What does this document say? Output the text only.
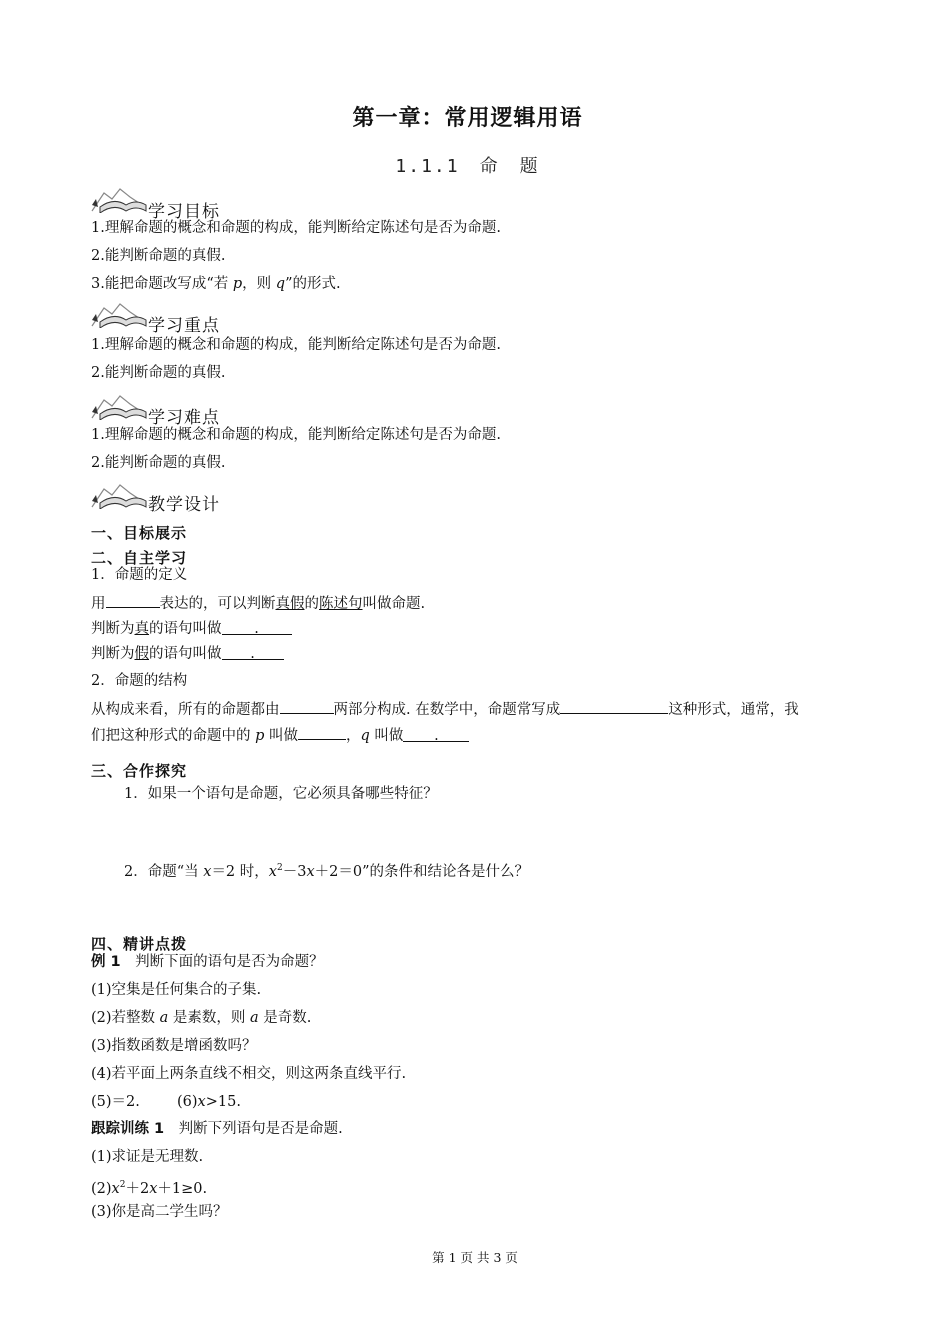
第一章：常用逻辑用语
1.1.1　命　题
学习目标
1.理解命题的概念和命题的构成，能判断给定陈述句是否为命题.
2.能判断命题的真假.
3.能把命题改写成“若 p，则 q”的形式.
学习重点
1.理解命题的概念和命题的构成，能判断给定陈述句是否为命题.
2.能判断命题的真假.
学习难点
1.理解命题的概念和命题的构成，能判断给定陈述句是否为命题.
2.能判断命题的真假.
教学设计
一、目标展示
二、自主学习
1．命题的定义
用	表达的，可以判断真假的陈述句叫做命题.
判断为真的语句叫做 .
判断为假的语句叫做 .
2．命题的结构
从构成来看，所有的命题都由	两部分构成. 在数学中，命题常写成	这种形式，通常，我
们把这种形式的命题中的 p 叫做	，q 叫做 .
三、合作探究
1．如果一个语句是命题，它必须具备哪些特征？
2．命题“当 x＝2 时，$x^2-3x+2=0$”的条件和结论各是什么？
四、精讲点拨
例 1　判断下面的语句是否为命题？
(1)空集是任何集合的子集.
(2)若整数 a 是素数，则 a 是奇数.
(3)指数函数是增函数吗？
(4)若平面上两条直线不相交，则这两条直线平行.
(5)＝2.	(6)x>15.
跟踪训练 1　判断下列语句是否是命题.
(1)求证是无理数.
$(2)x^2+2x+1\ge 0$.
(3)你是高二学生吗？
第 1 页 共 3 页
